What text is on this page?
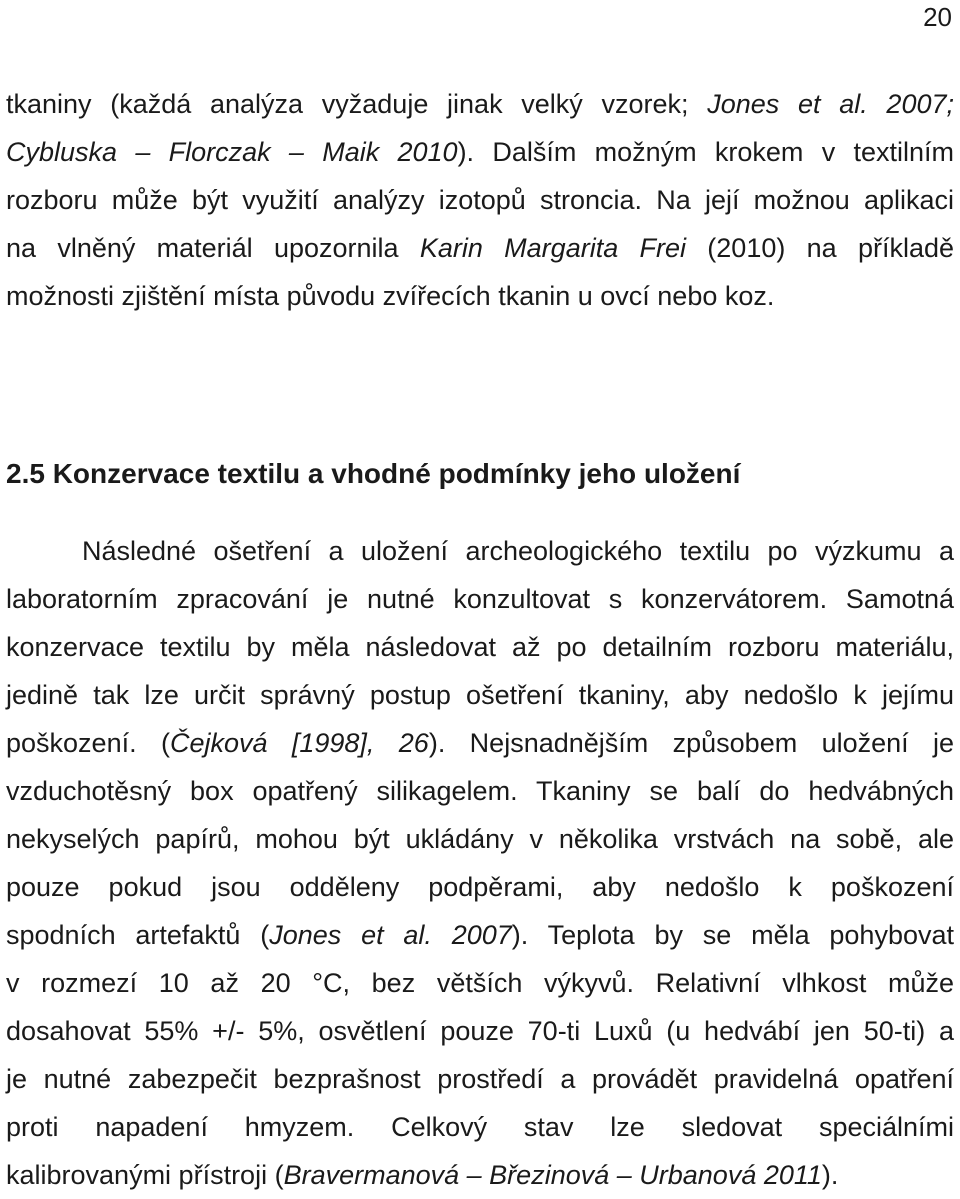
20
tkaniny (každá analýza vyžaduje jinak velký vzorek; Jones et al. 2007;
Cybluska – Florczak – Maik 2010). Dalším možným krokem v textilním
rozboru může být využití analýzy izotopů stroncia. Na její možnou aplikaci
na vlněný materiál upozornila Karin Margarita Frei (2010) na příkladě
možnosti zjištění místa původu zvířecích tkanin u ovcí nebo koz.
2.5 Konzervace textilu a vhodné podmínky jeho uložení
Následné ošetření a uložení archeologického textilu po výzkumu a
laboratorním zpracování je nutné konzultovat s konzervátorem. Samotná
konzervace textilu by měla následovat až po detailním rozboru materiálu,
jedině tak lze určit správný postup ošetření tkaniny, aby nedošlo k jejímu
poškození. (Čejková [1998], 26). Nejsnadnějším způsobem uložení je
vzduchotěsný box opatřený silikagelem. Tkaniny se balí do hedvábných
nekyselých papírů, mohou být ukládány v několika vrstvách na sobě, ale
pouze pokud jsou odděleny podpěrami, aby nedošlo k poškození
spodních artefaktů (Jones et al. 2007). Teplota by se měla pohybovat
v rozmezí 10 až 20 °C, bez větších výkyvů. Relativní vlhkost může
dosahovat 55% +/- 5%, osvětlení pouze 70-ti Luxů (u hedvábí jen 50-ti) a
je nutné zabezpečit bezprašnost prostředí a provádět pravidelná opatření
proti napadení hmyzem. Celkový stav lze sledovat speciálními
kalibrovanými přístroji (Bravermanová – Březinová – Urbanová 2011).
